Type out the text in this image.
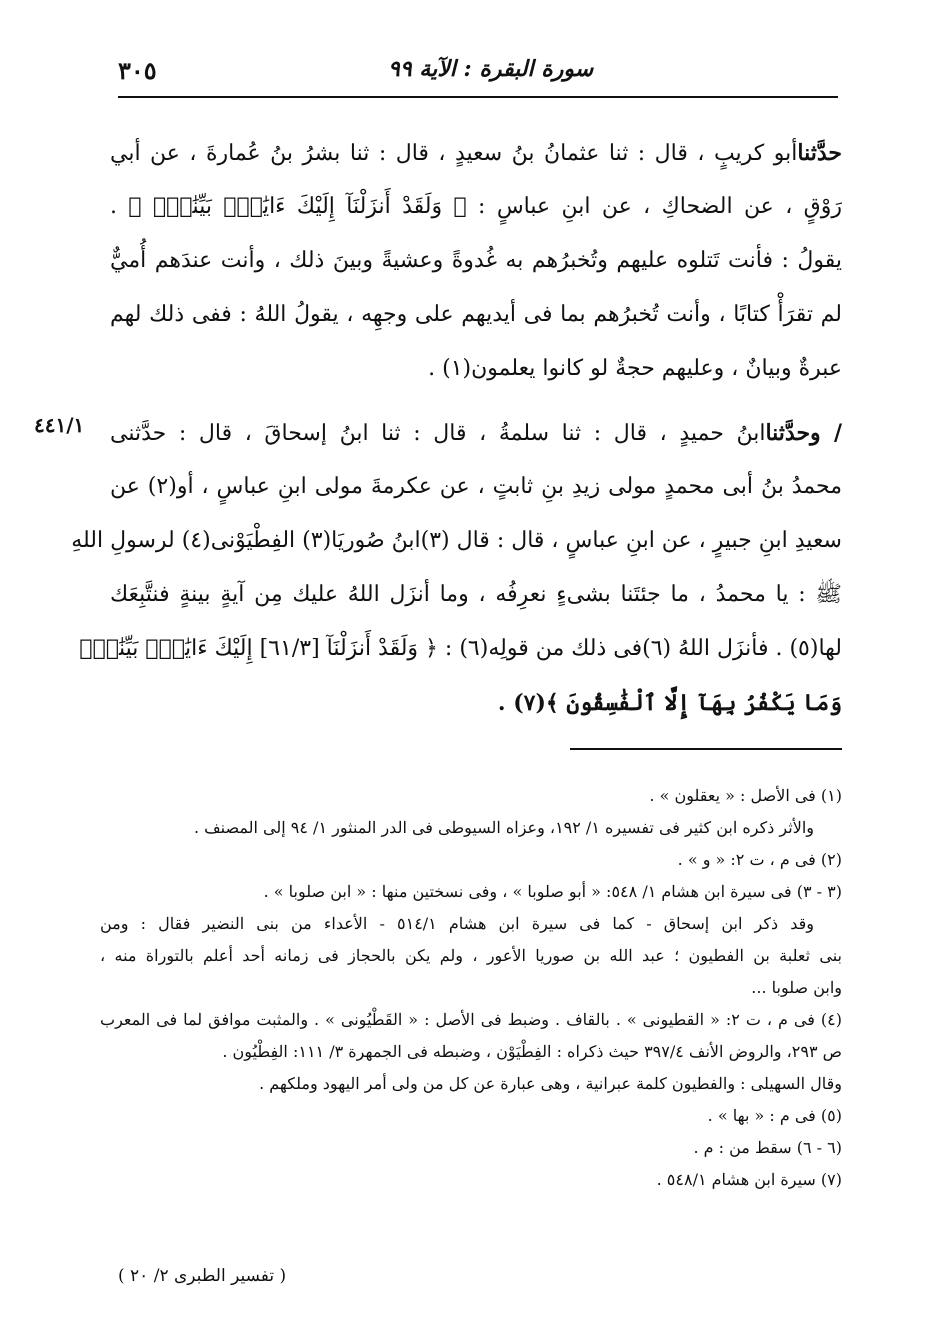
٣٠٥	سورة البقرة : الآية ٩٩
٤٤١/١
حدَّثناأبو كريبٍ ، قال : ثنا عثمانُ بنُ سعيدٍ ، قال : ثنا بشرُ بنُ عُمارةَ ، عن أبي
رَوْقٍ ، عن الضحاكِ ، عن ابنِ عباسٍ : ﴿ وَلَقَدْ أَنزَلْنَآ إِلَيْكَ ءَايَٰتٍۭ بَيِّنَٰتٍۖ ﴾ .
يقولُ : فأنت تَتلوه عليهم وتُخبرُهم به غُدوةً وعشيةً وبينَ ذلك ، وأنت عندَهم أُميٌّ
لم تقرَأْ كتابًا ، وأنت تُخبرُهم بما فى أيديهم على وجهِه ، يقولُ اللهُ : ففى ذلك لهم
عبرةٌ وبيانٌ ، وعليهم حجةٌ لو كانوا يعلمون(١) .
/ وحدَّثناابنُ حميدٍ ، قال : ثنا سلمةُ ، قال : ثنا ابنُ إسحاقَ ، قال : حدَّثنى
محمدُ بنُ أبى محمدٍ مولى زيدِ بنِ ثابتٍ ، عن عكرمةَ مولى ابنِ عباسٍ ، أو(٢) عن
سعيدِ ابنِ جبيرٍ ، عن ابنِ عباسٍ ، قال : قال (٣)ابنُ صُوريَا(٣) الفِطْيَوْنى(٤) لرسولِ اللهِ
ﷺ : يا محمدُ ، ما جئتَنا بشىءٍ نعرِفُه ، وما أنزَل اللهُ عليك مِن آيةٍ بينةٍ فنتَّبِعَك
لها(٥) . فأنزَل اللهُ (٦)فى ذلك من قولِه(٦) : ﴿ وَلَقَدْ أَنزَلْنَآ [٦١/٣] إِلَيْكَ ءَايَٰتٍۭ بَيِّنَٰتٍۖ
وَمَا يَكْفُرُ بِهَآ إِلَّا ٱلْفَٰسِقُونَ ﴾(٧) .
(١) فى الأصل : « يعقلون » .
والأثر ذكره ابن كثير فى تفسيره ١/ ١٩٢، وعزاه السيوطى فى الدر المنثور ١/ ٩٤ إلى المصنف .
(٢) فى م ، ت ٢: « و » .
(٣ - ٣) فى سيرة ابن هشام ١/ ٥٤٨: « أبو صلوبا » ، وفى نسختين منها : « ابن صلوبا » .
وقد ذكر ابن إسحاق - كما فى سيرة ابن هشام ٥١٤/١ - الأعداء من بنى النضير فقال : ومن
بنى ثعلبة بن الفطيون ؛ عبد الله بن صوريا الأعور ، ولم يكن بالحجاز فى زمانه أحد أعلم بالتوراة منه ،
وابن صلوبا ...
(٤) فى م ، ت ٢: « القطيونى » . بالقاف . وضبط فى الأصل : « القَطْيُونى » . والمثبت موافق لما فى المعرب
ص ٢٩٣، والروض الأنف ٣٩٧/٤ حيث ذكراه : الفِطْيَوْن ، وضبطه فى الجمهرة ٣/ ١١١: الفِطْيُون .
وقال السهيلى : والفطيون كلمة عبرانية ، وهى عبارة عن كل من ولى أمر اليهود وملكهم .
(٥) فى م : « بها » .
(٦ - ٦) سقط من : م .
(٧) سيرة ابن هشام ٥٤٨/١ .
( تفسير الطبرى ٢/ ٢٠ )
